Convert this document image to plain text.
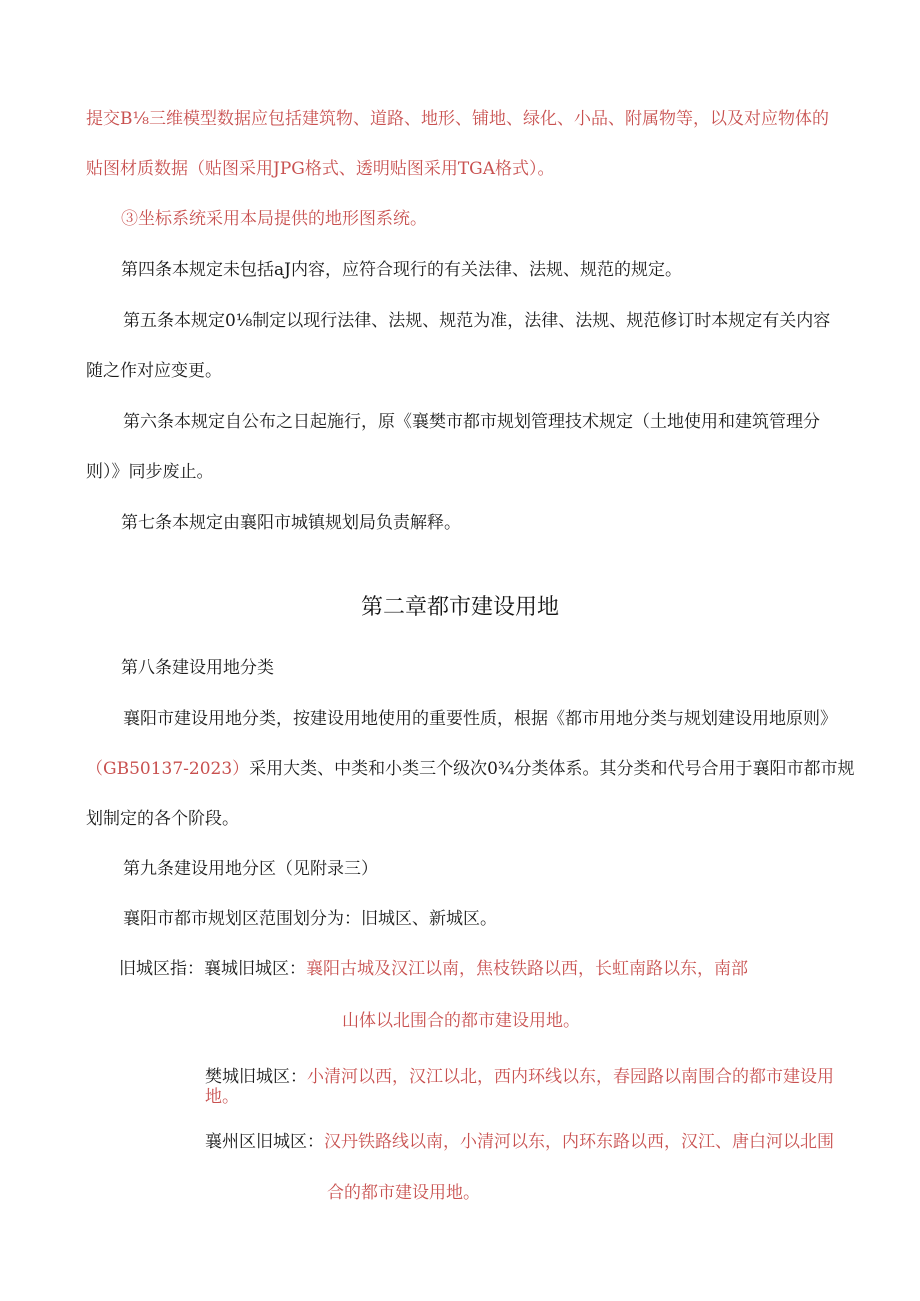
提交B⅛三维模型数据应包括建筑物、道路、地形、铺地、绿化、小品、附属物等，以及对应物体的
贴图材质数据（贴图采用JPG格式、透明贴图采用TGA格式）。
③坐标系统采用本局提供的地形图系统。
第四条本规定未包括aJ内容，应符合现行的有关法律、法规、规范的规定。
第五条本规定0⅛制定以现行法律、法规、规范为准，法律、法规、规范修订时本规定有关内容
随之作对应变更。
第六条本规定自公布之日起施行，原《襄樊市都市规划管理技术规定（土地使用和建筑管理分
则）》同步废止。
第七条本规定由襄阳市城镇规划局负责解释。
第二章都市建设用地
第八条建设用地分类
襄阳市建设用地分类，按建设用地使用的重要性质，根据《都市用地分类与规划建设用地原则》
（GB50137-2023）采用大类、中类和小类三个级次0¾分类体系。其分类和代号合用于襄阳市都市规
划制定的各个阶段。
第九条建设用地分区（见附录三）
襄阳市都市规划区范围划分为：旧城区、新城区。
旧城区指：襄城旧城区：襄阳古城及汉江以南，焦枝铁路以西，长虹南路以东，南部
山体以北围合的都市建设用地。
樊城旧城区：小清河以西，汉江以北，西内环线以东，春园路以南围合的都市建设用
地。
襄州区旧城区：汉丹铁路线以南，小清河以东，内环东路以西，汉江、唐白河以北围
合的都市建设用地。
